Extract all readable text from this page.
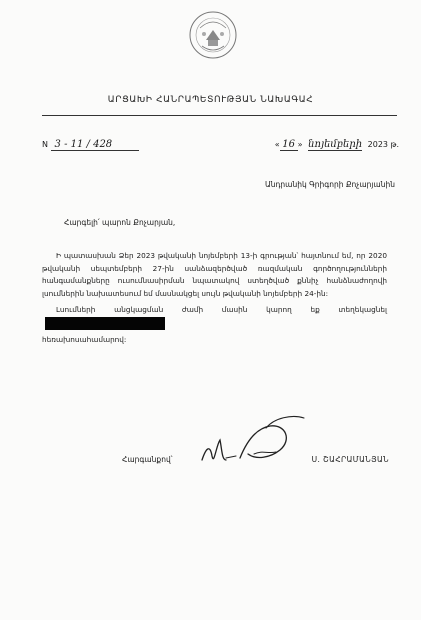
ԱՐՑԱԽԻ ՀԱՆՐԱՊԵՏՈՒԹՅԱՆ ՆԱԽԱԳԱՀ
N 3 - 11 / 428	« 16 » նոյեմբերի 2023 թ.
Անդրանիկ Գրիգորի Քոչարյանին
Հարգելի՛ պարոն Քոչարյան,

Ի պատասխան Ձեր 2023 թվականի նոյեմբերի 13-ի գրության՝ հայտնում եմ, որ 2020 թվականի սեպտեմբերի 27-ին սանձազերծված ռազմական գործողությունների հանգամանքները ուսումնասիրման նպատակով ստեղծված քննիչ հանձնաժողովի լսումներին նախատեսում եմ մասնակցել սույն թվականի նոյեմբերի 24-ին:

Լսումների անցկացման ժամի մասին կարող եք տեղեկացնել

հեռախոսահամարով:

Հարգանքով՝	Ս. ՇԱՀՐԱՄԱՆՅԱՆ
